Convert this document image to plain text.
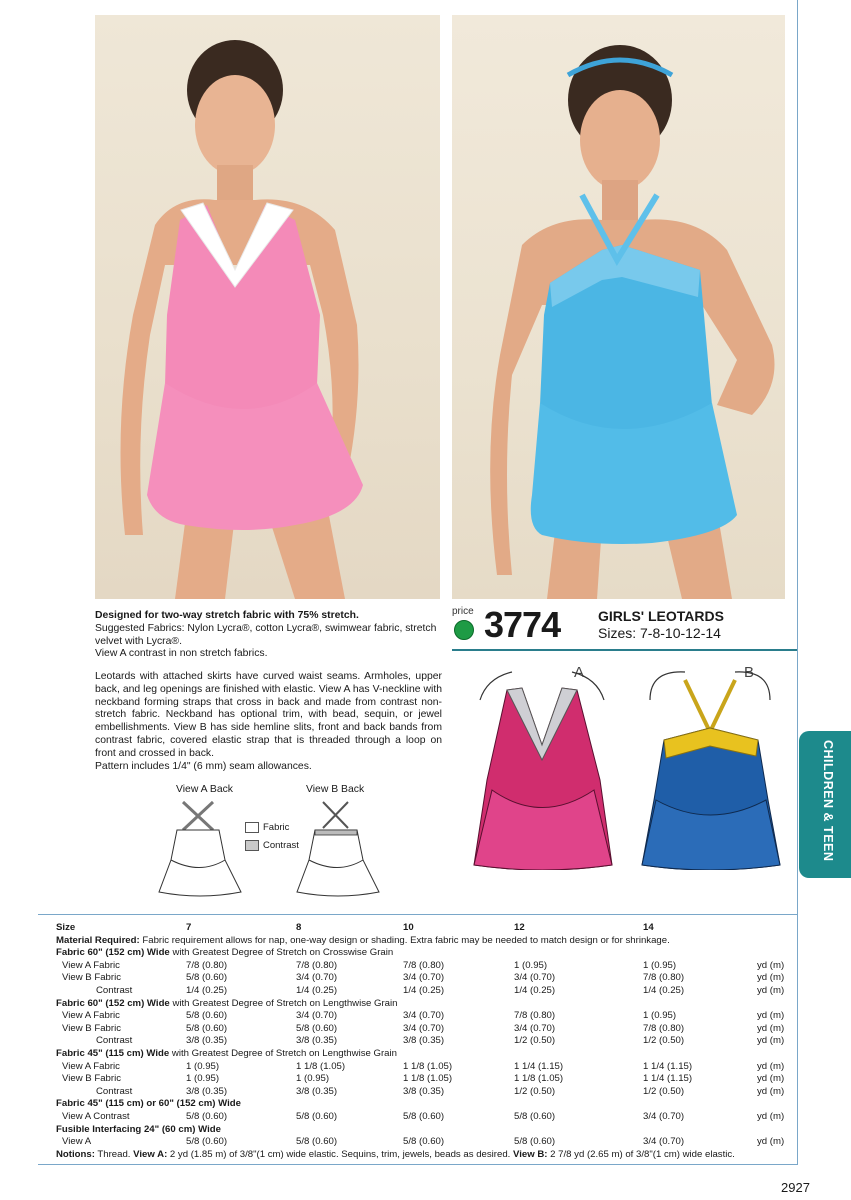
Designed for two-way stretch fabric with 75% stretch.

Suggested Fabrics: Nylon Lycra®, cotton Lycra®, swimwear fabric, stretch velvet with Lycra®.

View A contrast in non stretch fabrics.

Leotards with attached skirts have curved waist seams. Armholes, upper back, and leg openings are finished with elastic. View A has V-neckline with neckband forming straps that cross in back and made from contrast non-stretch fabric. Neckband has optional trim, with bead, sequin, or jewel embellishments. View B has side hemline slits, front and back bands from contrast fabric, covered elastic strap that is threaded through a loop on front and crossed in back.

Pattern includes 1/4" (6 mm) seam allowances.

price 3774	GIRLS' LEOTARDS
Sizes: 7-8-10-12-14
A	B
View A Back	View B Back
Fabric
Contrast	CHILDREN & TEEN
Size	7	8	10	12	14
Material Required: Fabric requirement allows for nap, one-way design or shading. Extra fabric may be needed to match design or for shrinkage.
Fabric 60" (152 cm) Wide with Greatest Degree of Stretch on Crosswise Grain
View A Fabric	7/8 (0.80)	7/8 (0.80)	7/8 (0.80)	1 (0.95)	1 (0.95)	yd (m)
View B Fabric	5/8 (0.60)	3/4 (0.70)	3/4 (0.70)	3/4 (0.70)	7/8 (0.80)	yd (m)
Contrast	1/4 (0.25)	1/4 (0.25)	1/4 (0.25)	1/4 (0.25)	1/4 (0.25)	yd (m)
Fabric 60" (152 cm) Wide with Greatest Degree of Stretch on Lengthwise Grain
View A Fabric	5/8 (0.60)	3/4 (0.70)	3/4 (0.70)	7/8 (0.80)	1 (0.95)	yd (m)
View B Fabric	5/8 (0.60)	5/8 (0.60)	3/4 (0.70)	3/4 (0.70)	7/8 (0.80)	yd (m)
Contrast	3/8 (0.35)	3/8 (0.35)	3/8 (0.35)	1/2 (0.50)	1/2 (0.50)	yd (m)
Fabric 45" (115 cm) Wide with Greatest Degree of Stretch on Lengthwise Grain
View A Fabric	1 (0.95)	1 1/8 (1.05)	1 1/8 (1.05)	1 1/4 (1.15)	1 1/4 (1.15)	yd (m)
View B Fabric	1 (0.95)	1 (0.95)	1 1/8 (1.05)	1 1/8 (1.05)	1 1/4 (1.15)	yd (m)
Contrast	3/8 (0.35)	3/8 (0.35)	3/8 (0.35)	1/2 (0.50)	1/2 (0.50)	yd (m)
Fabric 45" (115 cm) or 60" (152 cm) Wide
View A Contrast	5/8 (0.60)	5/8 (0.60)	5/8 (0.60)	5/8 (0.60)	3/4 (0.70)	yd (m)
Fusible Interfacing 24" (60 cm) Wide
View A	5/8 (0.60)	5/8 (0.60)	5/8 (0.60)	5/8 (0.60)	3/4 (0.70)	yd (m)
Notions: Thread. View A: 2 yd (1.85 m) of 3/8"(1 cm) wide elastic. Sequins, trim, jewels, beads as desired. View B: 2 7/8 yd (2.65 m) of 3/8"(1 cm) wide elastic.
2927
